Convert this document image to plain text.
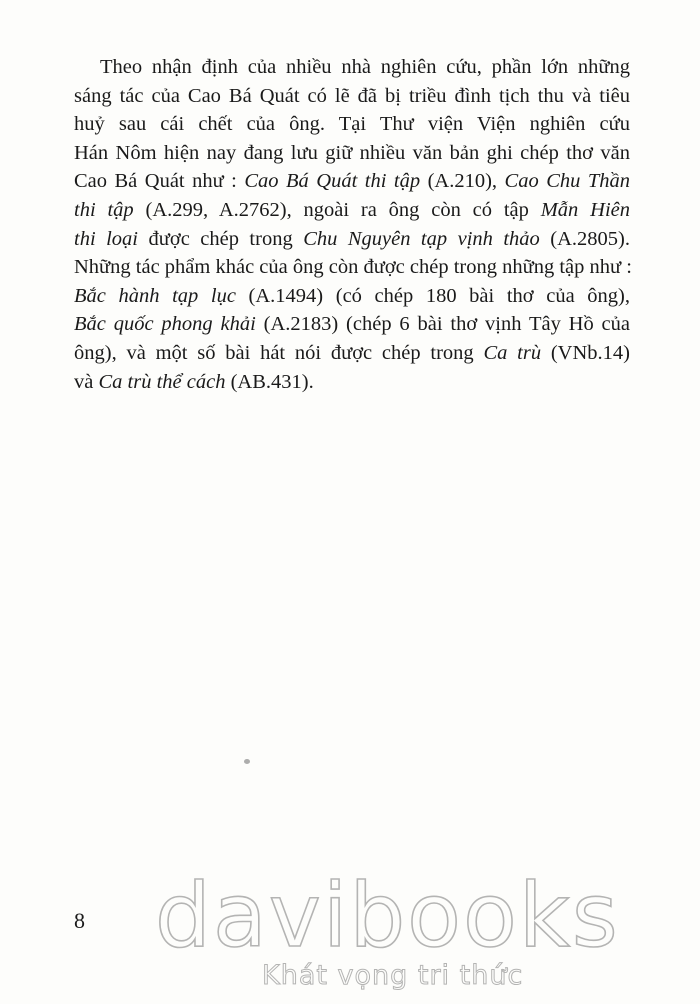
Theo nhận định của nhiều nhà nghiên cứu, phần lớn những
sáng tác của Cao Bá Quát có lẽ đã bị triều đình tịch thu và tiêu
huỷ sau cái chết của ông. Tại Thư viện Viện nghiên cứu
Hán Nôm hiện nay đang lưu giữ nhiều văn bản ghi chép thơ văn
Cao Bá Quát như : Cao Bá Quát thi tập (A.210), Cao Chu Thần
thi tập (A.299, A.2762), ngoài ra ông còn có tập Mẫn Hiên
thi loại được chép trong Chu Nguyên tạp vịnh thảo (A.2805).
Những tác phẩm khác của ông còn được chép trong những tập như :
Bắc hành tạp lục (A.1494) (có chép 180 bài thơ của ông),
Bắc quốc phong khải (A.2183) (chép 6 bài thơ vịnh Tây Hồ của
ông), và một số bài hát nói được chép trong Ca trù (VNb.14)
và Ca trù thể cách (AB.431).
8 davibooks
Khát vọng tri thức
